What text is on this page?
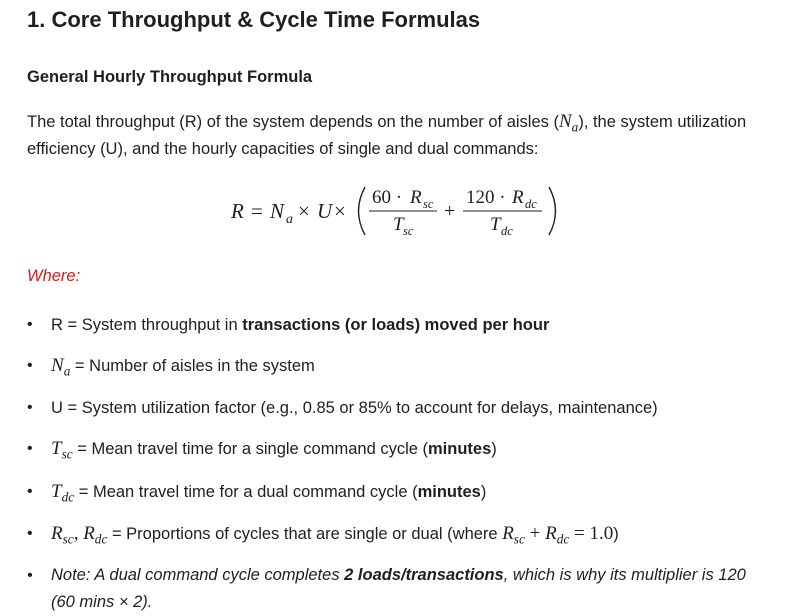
1. Core Throughput & Cycle Time Formulas
General Hourly Throughput Formula

The total throughput (R) of the system depends on the number of aisles $(N_a)$, the system utilization efficiency (U), and the hourly capacities of single and dual commands:

R = N a × U ×
60 · R sc
T sc
+
120 · R dc
T dc

Where:

•	R = System throughput in transactions (or loads) moved per hour
• $N_a$ = Number of aisles in the system
•	U = System utilization factor (e.g., 0.85 or 85% to account for delays, maintenance)
• $T_{sc}$ = Mean travel time for a single command cycle (minutes)
• $T_{dc}$ = Mean travel time for a dual command cycle (minutes)
• $R_{sc}$, $R_{dc}$ = Proportions of cycles that are single or dual (where $R_{sc} + R_{dc} = 1.0$)
•	Note: A dual command cycle completes 2 loads/transactions, which is why its multiplier is 120 (60 mins × 2).
